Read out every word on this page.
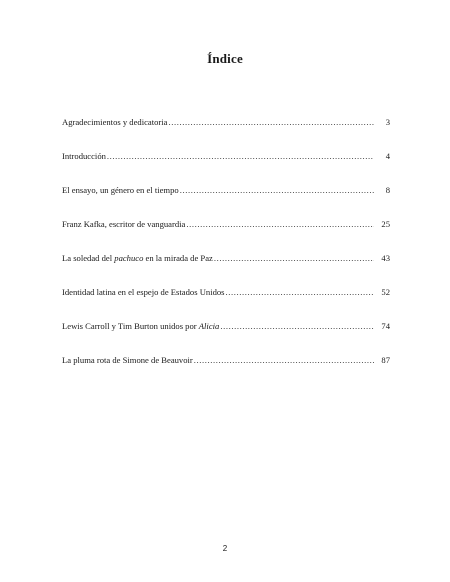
Índice
Agradecimientos y dedicatoria .....	3
Introducción .....	4
El ensayo, un género en el tiempo .....	8
Franz Kafka, escritor de vanguardia .....	25
La soledad del pachuco en la mirada de Paz .....	43
Identidad latina en el espejo de Estados Unidos .....	52
Lewis Carroll y Tim Burton unidos por Alicia .....	74
La pluma rota de Simone de Beauvoir .....	87
2
